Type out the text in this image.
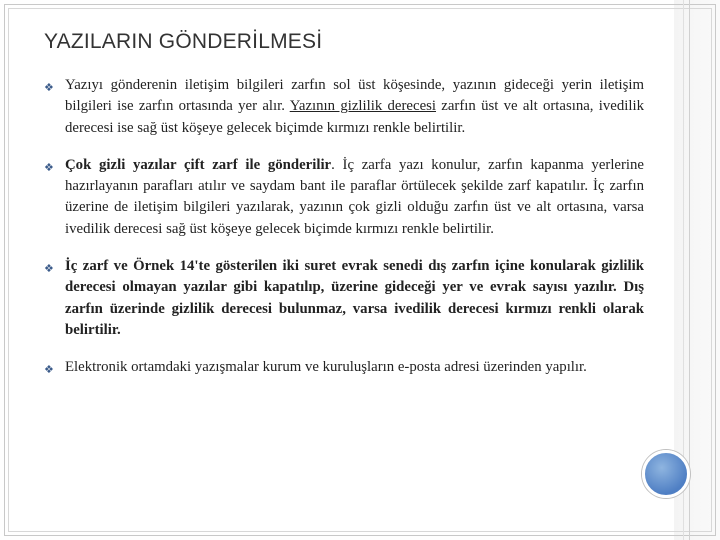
YAZILARIN GÖNDERİLMESİ
❖ Yazıyı gönderenin iletişim bilgileri zarfın sol üst köşesinde, yazının gideceği yerin iletişim bilgileri ise zarfın ortasında yer alır. Yazının gizlilik derecesi zarfın üst ve alt ortasına, ivedilik derecesi ise sağ üst köşeye gelecek biçimde kırmızı renkle belirtilir.
❖ Çok gizli yazılar çift zarf ile gönderilir. İç zarfa yazı konulur, zarfın kapanma yerlerine hazırlayanın parafları atılır ve saydam bant ile paraflar örtülecek şekilde zarf kapatılır. İç zarfın üzerine de iletişim bilgileri yazılarak, yazının çok gizli olduğu zarfın üst ve alt ortasına, varsa ivedilik derecesi sağ üst köşeye gelecek biçimde kırmızı renkle belirtilir.
❖ İç zarf ve Örnek 14'te gösterilen iki suret evrak senedi dış zarfın içine konularak gizlilik derecesi olmayan yazılar gibi kapatılıp, üzerine gideceği yer ve evrak sayısı yazılır. Dış zarfın üzerinde gizlilik derecesi bulunmaz, varsa ivedilik derecesi kırmızı renkli olarak belirtilir.
❖ Elektronik ortamdaki yazışmalar kurum ve kuruluşların e-posta adresi üzerinden yapılır.
